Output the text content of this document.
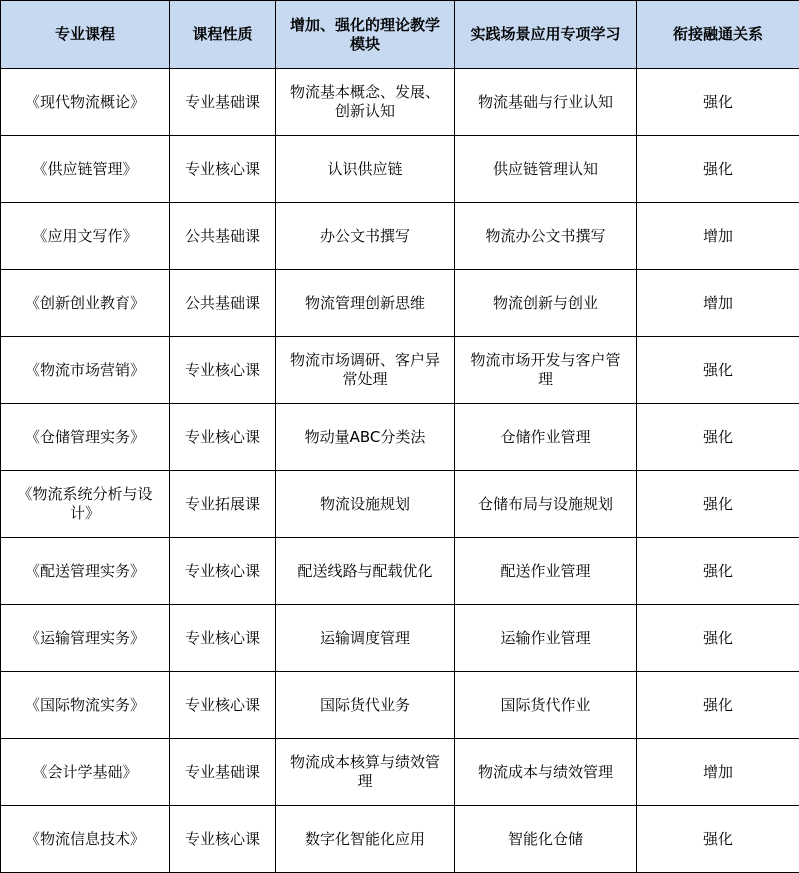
专业课程	课程性质	增加、强化的理论教学模块	实践场景应用专项学习	衔接融通关系
《现代物流概论》	专业基础课	物流基本概念、发展、创新认知	物流基础与行业认知	强化
《供应链管理》	专业核心课	认识供应链	供应链管理认知	强化
《应用文写作》	公共基础课	办公文书撰写	物流办公文书撰写	增加
《创新创业教育》	公共基础课	物流管理创新思维	物流创新与创业	增加
《物流市场营销》	专业核心课	物流市场调研、客户异常处理	物流市场开发与客户管理	强化
《仓储管理实务》	专业核心课	物动量ABC分类法	仓储作业管理	强化
《物流系统分析与设计》	专业拓展课	物流设施规划	仓储布局与设施规划	强化
《配送管理实务》	专业核心课	配送线路与配载优化	配送作业管理	强化
《运输管理实务》	专业核心课	运输调度管理	运输作业管理	强化
《国际物流实务》	专业核心课	国际货代业务	国际货代作业	强化
《会计学基础》	专业基础课	物流成本核算与绩效管理	物流成本与绩效管理	增加
《物流信息技术》	专业核心课	数字化智能化应用	智能化仓储	强化
